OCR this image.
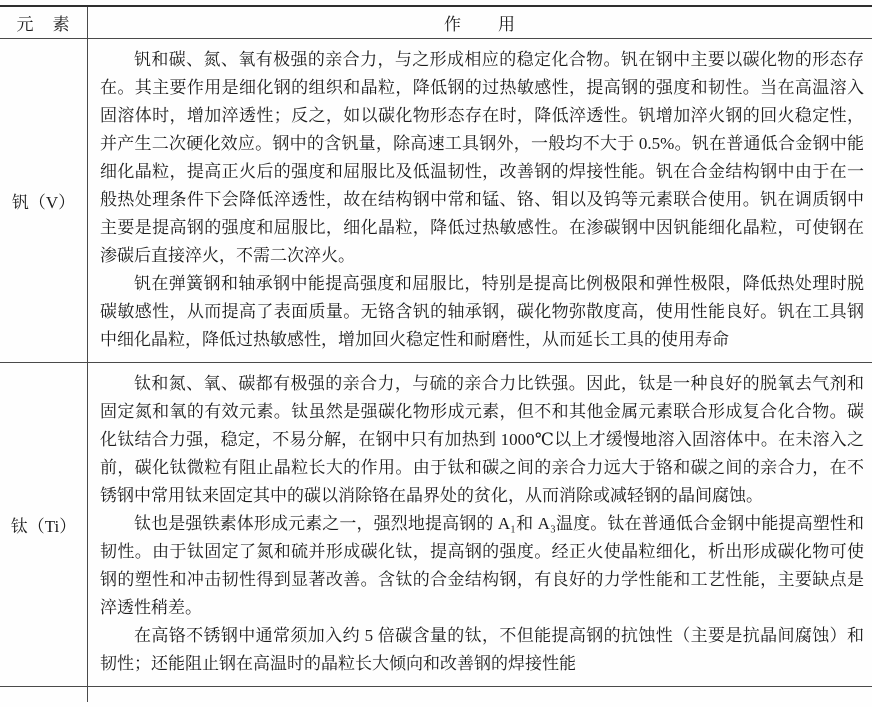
元　素	作　　用
钒（V）

钒和碳、氮、氧有极强的亲合力，与之形成相应的稳定化合物。钒在钢中主要以碳化物的形态存在。其主要作用是细化钢的组织和晶粒，降低钢的过热敏感性，提高钢的强度和韧性。当在高温溶入固溶体时，增加淬透性；反之，如以碳化物形态存在时，降低淬透性。钒增加淬火钢的回火稳定性，并产生二次硬化效应。钢中的含钒量，除高速工具钢外，一般均不大于 0.5%。钒在普通低合金钢中能细化晶粒，提高正火后的强度和屈服比及低温韧性，改善钢的焊接性能。钒在合金结构钢中由于在一般热处理条件下会降低淬透性，故在结构钢中常和锰、铬、钼以及钨等元素联合使用。钒在调质钢中主要是提高钢的强度和屈服比，细化晶粒，降低过热敏感性。在渗碳钢中因钒能细化晶粒，可使钢在渗碳后直接淬火，不需二次淬火。

钒在弹簧钢和轴承钢中能提高强度和屈服比，特别是提高比例极限和弹性极限，降低热处理时脱碳敏感性，从而提高了表面质量。无铬含钒的轴承钢，碳化物弥散度高，使用性能良好。钒在工具钢中细化晶粒，降低过热敏感性，增加回火稳定性和耐磨性，从而延长工具的使用寿命

钛（Ti）

钛和氮、氧、碳都有极强的亲合力，与硫的亲合力比铁强。因此，钛是一种良好的脱氧去气剂和固定氮和氧的有效元素。钛虽然是强碳化物形成元素，但不和其他金属元素联合形成复合化合物。碳化钛结合力强，稳定，不易分解，在钢中只有加热到 1000℃以上才缓慢地溶入固溶体中。在未溶入之前，碳化钛微粒有阻止晶粒长大的作用。由于钛和碳之间的亲合力远大于铬和碳之间的亲合力，在不锈钢中常用钛来固定其中的碳以消除铬在晶界处的贫化，从而消除或减轻钢的晶间腐蚀。

钛也是强铁素体形成元素之一，强烈地提高钢的 A₁和 A₃温度。钛在普通低合金钢中能提高塑性和韧性。由于钛固定了氮和硫并形成碳化钛，提高钢的强度。经正火使晶粒细化，析出形成碳化物可使钢的塑性和冲击韧性得到显著改善。含钛的合金结构钢，有良好的力学性能和工艺性能，主要缺点是淬透性稍差。

在高铬不锈钢中通常须加入约 5 倍碳含量的钛，不但能提高钢的抗蚀性（主要是抗晶间腐蚀）和韧性；还能阻止钢在高温时的晶粒长大倾向和改善钢的焊接性能
